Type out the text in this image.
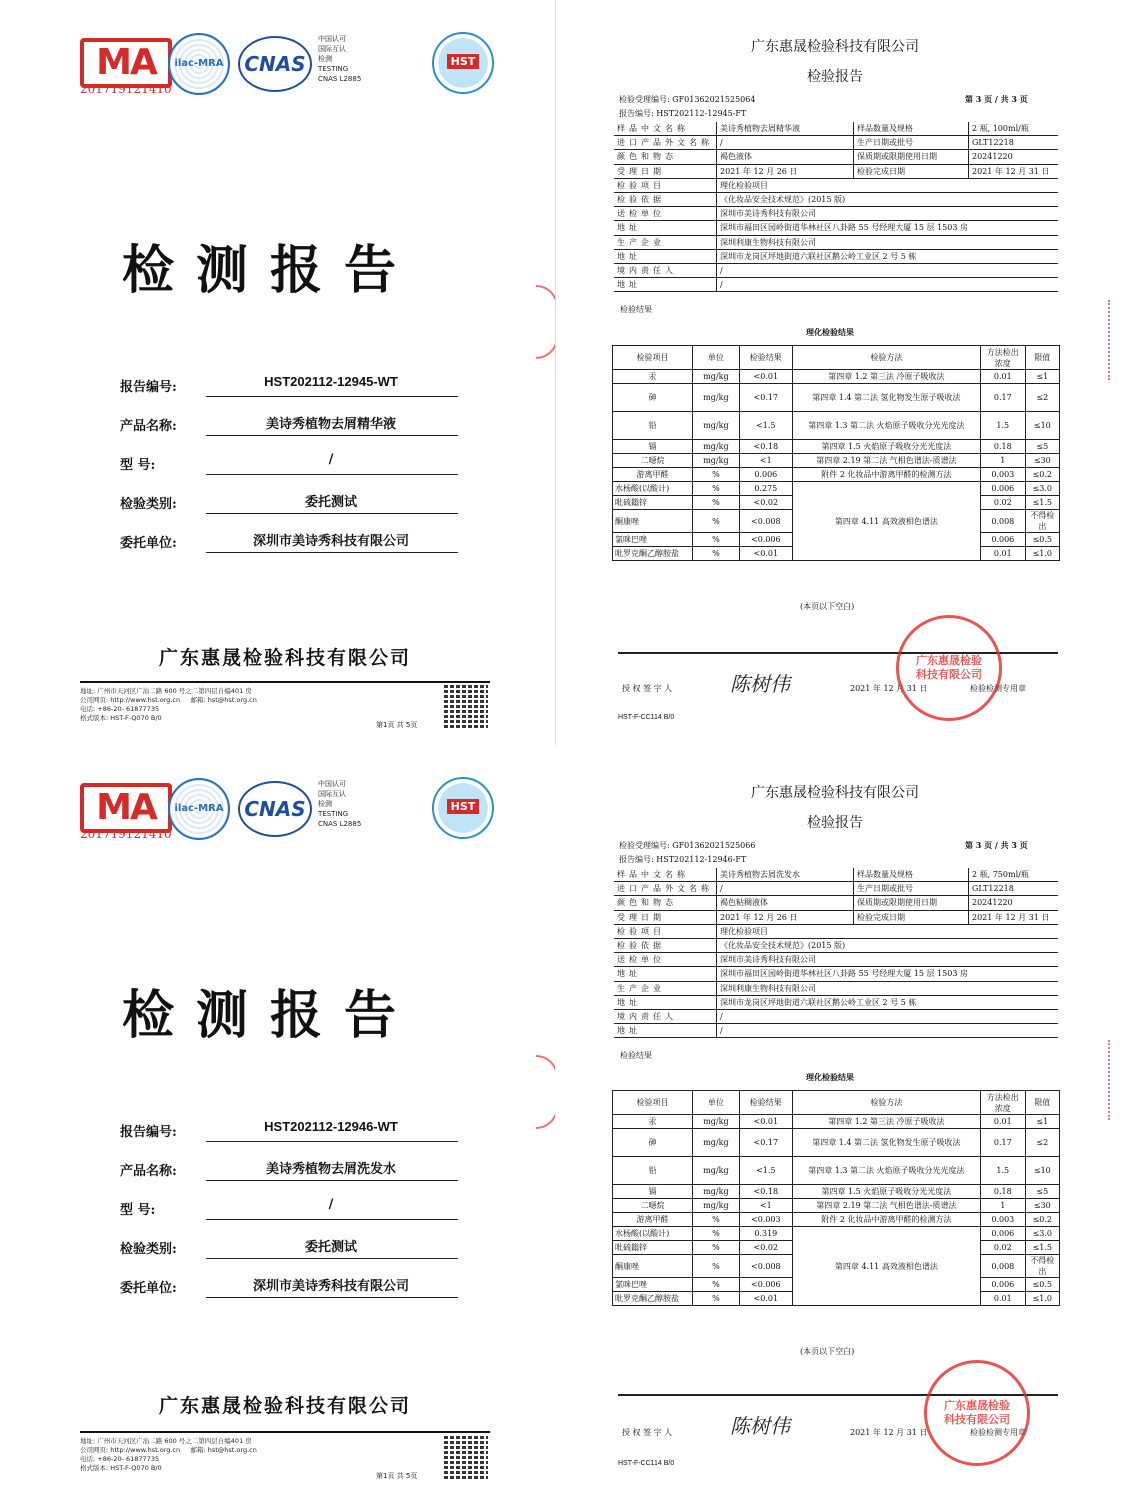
MA
201719121410
ilac-MRA	CNAS
中国认可
国际互认
检测
TESTING
CNAS L2885
HST
检测报告
报告编号:	HST202112-12945-WT
产品名称:	美诗秀植物去屑精华液
型 号:	/
检验类别:	委托测试
委托单位:	深圳市美诗秀科技有限公司
广东惠晟检验科技有限公司
地址: 广州市天河区广汕二路 600 号之二第四层自编401 房
公司网页: http://www.hst.org.cn 邮箱: hst@hst.org.cn
电话: +86-20- 61877735
格式版本: HST-F-Q070 B/0
第1页 共 5页
广东惠晟检验科技有限公司
检验报告
检验受理编号: GF01362021525064
报告编号: HST202112-12945-FT
第 3 页 / 共 3 页
样品中文名称	美诗秀植物去屑精华液	样品数量及规格	2 瓶, 100ml/瓶
进口产品外文名称	/	生产日期或批号	GLT12218
颜色和物态	褐色液体	保质期或限期使用日期	20241220
受理日期	2021 年 12 月 26 日	检验完成日期	2021 年 12 月 31 日
检验项目	理化检验项目		
检验依据	《化妆品安全技术规范》(2015 版)		
送检单位	深圳市美诗秀科技有限公司		
地址	深圳市福田区园岭街道华林社区八卦路 55 号经理大厦 15 层 1503 房		
生产企业	深圳利康生物科技有限公司		
地址	深圳市龙岗区坪地街道六联社区鹅公岭工业区 2 号 5 栋		
境内责任人	/		
地址	/		
检验结果
理化检验结果
检验项目	单位	检验结果	检验方法	方法检出浓度	限值
汞	mg/kg	<0.01	第四章 1.2 第三法 冷原子吸收法	0.01	≤1
砷	mg/kg	<0.17	第四章 1.4 第二法 氢化物发生原子吸收法	0.17	≤2
铅	mg/kg	<1.5	第四章 1.3 第二法 火焰原子吸收分光光度法	1.5	≤10
镉	mg/kg	<0.18	第四章 1.5 火焰原子吸收分光光度法	0.18	≤5
二噁烷	mg/kg	<1	第四章 2.19 第二法 气相色谱法-质谱法	1	≤30
游离甲醛	%	0.006	附件 2 化妆品中游离甲醛的检测方法	0.003	≤0.2
水杨酸(以酸计)	%	0.275	第四章 4.11 高效液相色谱法	0.006	≤3.0
吡硫鎓锌	%	<0.02		0.02	≤1.5
酮康唑	%	<0.008		0.008	不得检出
氯咪巴唑	%	<0.006		0.006	≤0.5
吡罗克酮乙醇胺盐	%	<0.01		0.01	≤1.0
(本页以下空白)
授 权 签 字 人	陈树伟	2021 年 12 月 31 日	检验检测专用章
HST-F-CC114 B/0
广东惠晟检验科技有限公司
MA
201719121410
ilac-MRA	CNAS
中国认可
国际互认
检测
TESTING
CNAS L2885
HST
检测报告
报告编号:	HST202112-12946-WT
产品名称:	美诗秀植物去屑洗发水
型 号:	/
检验类别:	委托测试
委托单位:	深圳市美诗秀科技有限公司
广东惠晟检验科技有限公司
地址: 广州市天河区广汕二路 600 号之二第四层自编401 房
公司网页: http://www.hst.org.cn 邮箱: hst@hst.org.cn
电话: +86-20- 61877735
格式版本: HST-F-Q070 B/0
第1页 共 5页
广东惠晟检验科技有限公司
检验报告
检验受理编号: GF01362021525066
报告编号: HST202112-12946-FT
第 3 页 / 共 3 页
样品中文名称	美诗秀植物去屑洗发水	样品数量及规格	2 瓶, 750ml/瓶
进口产品外文名称	/	生产日期或批号	GLT12218
颜色和物态	褐色粘稠液体	保质期或限期使用日期	20241220
受理日期	2021 年 12 月 26 日	检验完成日期	2021 年 12 月 31 日
检验项目	理化检验项目		
检验依据	《化妆品安全技术规范》(2015 版)		
送检单位	深圳市美诗秀科技有限公司		
地址	深圳市福田区园岭街道华林社区八卦路 55 号经理大厦 15 层 1503 房		
生产企业	深圳利康生物科技有限公司		
地址	深圳市龙岗区坪地街道六联社区鹅公岭工业区 2 号 5 栋		
境内责任人	/		
地址	/		
检验结果
理化检验结果
检验项目	单位	检验结果	检验方法	方法检出浓度	限值
汞	mg/kg	<0.01	第四章 1.2 第三法 冷原子吸收法	0.01	≤1
砷	mg/kg	<0.17	第四章 1.4 第二法 氢化物发生原子吸收法	0.17	≤2
铅	mg/kg	<1.5	第四章 1.3 第二法 火焰原子吸收分光光度法	1.5	≤10
镉	mg/kg	<0.18	第四章 1.5 火焰原子吸收分光光度法	0.18	≤5
二噁烷	mg/kg	<1	第四章 2.19 第二法 气相色谱法-质谱法	1	≤30
游离甲醛	%	<0.003	附件 2 化妆品中游离甲醛的检测方法	0.003	≤0.2
水杨酸(以酸计)	%	0.319	第四章 4.11 高效液相色谱法	0.006	≤3.0
吡硫鎓锌	%	<0.02		0.02	≤1.5
酮康唑	%	<0.008		0.008	不得检出
氯咪巴唑	%	<0.006		0.006	≤0.5
吡罗克酮乙醇胺盐	%	<0.01		0.01	≤1.0
(本页以下空白)
授 权 签 字 人	陈树伟	2021 年 12 月 31 日	检验检测专用章
HST-F-CC114 B/0
广东惠晟检验科技有限公司
